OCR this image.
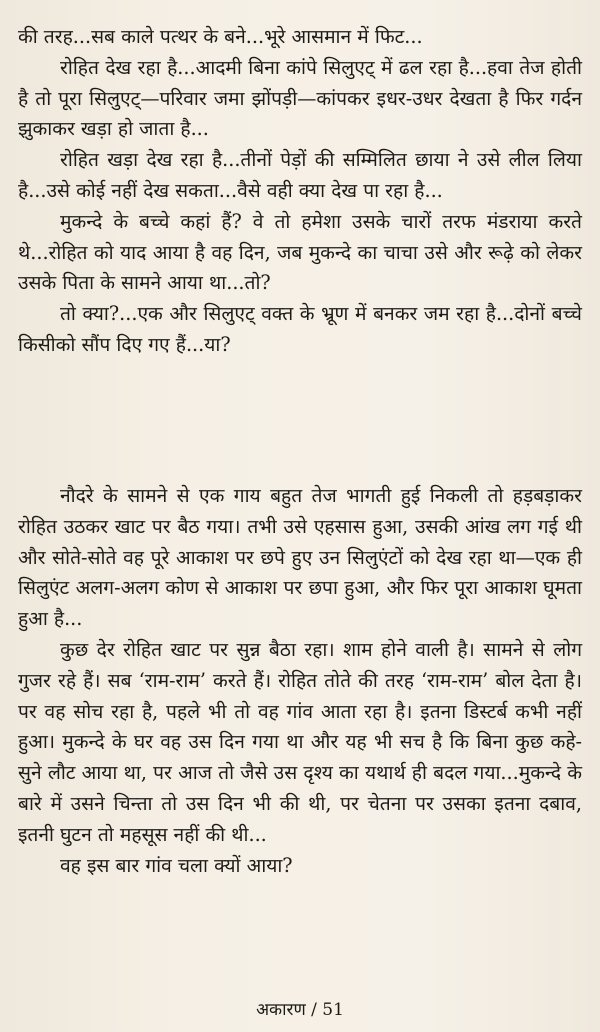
की तरह...सब काले पत्थर के बने...भूरे आसमान में फिट...

रोहित देख रहा है...आदमी बिना कांपे सिलुएट् में ढल रहा है...हवा तेज होती है तो पूरा सिलुएट्—परिवार जमा झोंपड़ी—कांपकर इधर-उधर देखता है फिर गर्दन झुकाकर खड़ा हो जाता है...

रोहित खड़ा देख रहा है...तीनों पेड़ों की सम्मिलित छाया ने उसे लील लिया है...उसे कोई नहीं देख सकता...वैसे वही क्या देख पा रहा है...

मुकन्दे के बच्चे कहां हैं? वे तो हमेशा उसके चारों तरफ मंडराया करते थे...रोहित को याद आया है वह दिन, जब मुकन्दे का चाचा उसे और रूढ़े को लेकर उसके पिता के सामने आया था...तो?

तो क्या?...एक और सिलुएट् वक्त के भ्रूण में बनकर जम रहा है...दोनों बच्चे किसीको सौंप दिए गए हैं...या?

नौदरे के सामने से एक गाय बहुत तेज भागती हुई निकली तो हड़बड़ाकर रोहित उठकर खाट पर बैठ गया। तभी उसे एहसास हुआ, उसकी आंख लग गई थी और सोते-सोते वह पूरे आकाश पर छपे हुए उन सिलुएंटों को देख रहा था—एक ही सिलुएंट अलग-अलग कोण से आकाश पर छपा हुआ, और फिर पूरा आकाश घूमता हुआ है...

कुछ देर रोहित खाट पर सुन्न बैठा रहा। शाम होने वाली है। सामने से लोग गुजर रहे हैं। सब ‘राम-राम’ करते हैं। रोहित तोते की तरह ‘राम-राम’ बोल देता है। पर वह सोच रहा है, पहले भी तो वह गांव आता रहा है। इतना डिस्टर्ब कभी नहीं हुआ। मुकन्दे के घर वह उस दिन गया था और यह भी सच है कि बिना कुछ कहे-सुने लौट आया था, पर आज तो जैसे उस दृश्य का यथार्थ ही बदल गया...मुकन्दे के बारे में उसने चिन्ता तो उस दिन भी की थी, पर चेतना पर उसका इतना दबाव, इतनी घुटन तो महसूस नहीं की थी...

वह इस बार गांव चला क्यों आया?

अकारण / 51
